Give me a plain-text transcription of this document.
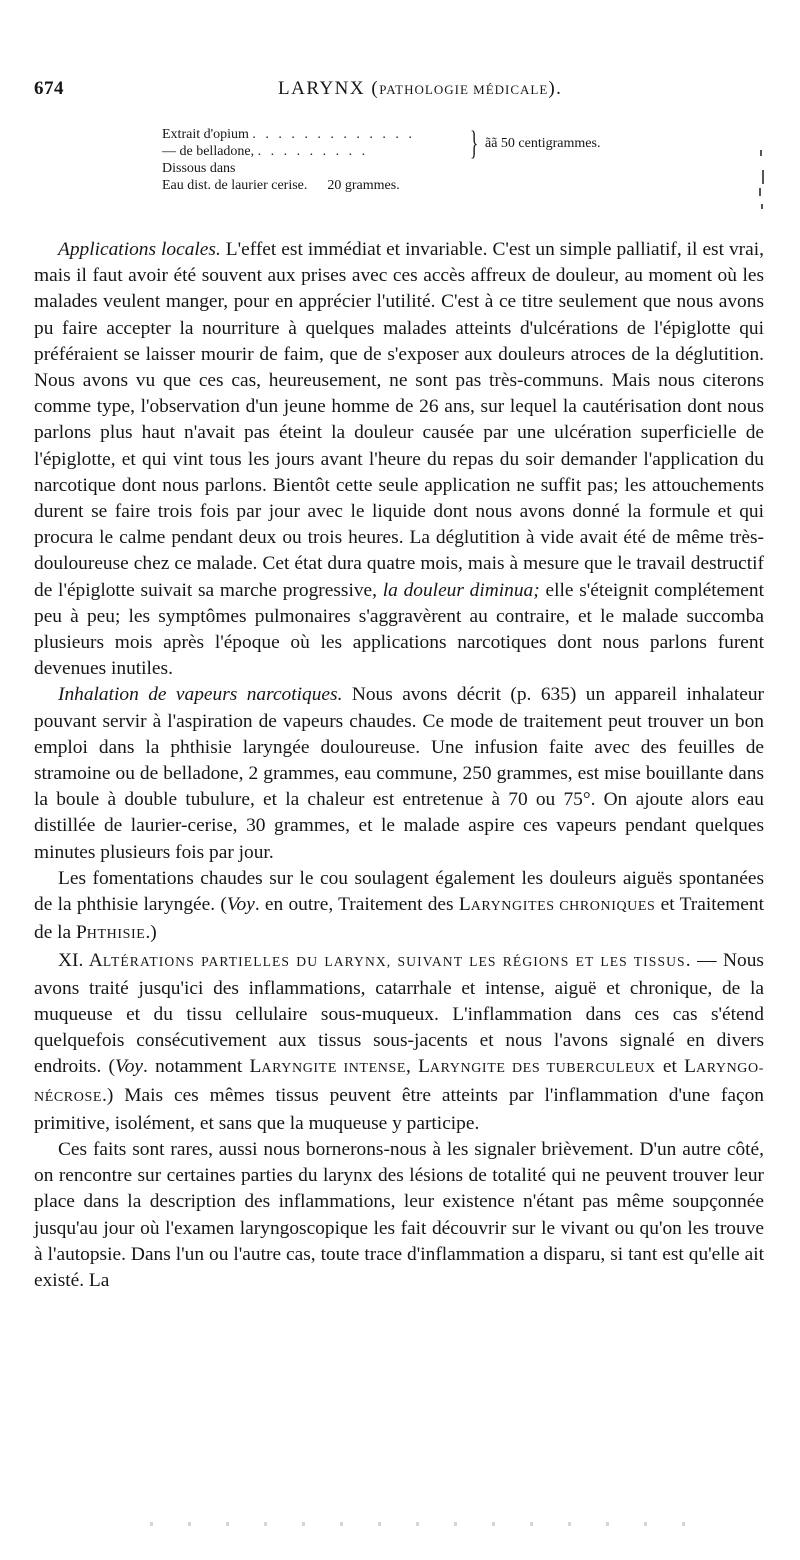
674	LARYNX (PATHOLOGIE MÉDICALE).
Extrait d'opium . . . . . . . . . . . . .
— de belladone, . . . . . . . . .	} ãã 50 centigrammes.
Dissous dans
Eau dist. de laurier cerise. 20 grammes.

Applications locales. L'effet est immédiat et invariable. C'est un simple palliatif, il est vrai, mais il faut avoir été souvent aux prises avec ces accès affreux de douleur, au moment où les malades veulent manger, pour en apprécier l'utilité. C'est à ce titre seulement que nous avons pu faire accepter la nourriture à quelques malades atteints d'ulcérations de l'épiglotte qui préféraient se laisser mourir de faim, que de s'exposer aux douleurs atroces de la déglutition. Nous avons vu que ces cas, heureusement, ne sont pas très-communs. Mais nous citerons comme type, l'observation d'un jeune homme de 26 ans, sur lequel la cautérisation dont nous parlons plus haut n'avait pas éteint la douleur causée par une ulcération superficielle de l'épiglotte, et qui vint tous les jours avant l'heure du repas du soir demander l'application du narcotique dont nous parlons. Bientôt cette seule application ne suffit pas; les attouchements durent se faire trois fois par jour avec le liquide dont nous avons donné la formule et qui procura le calme pendant deux ou trois heures. La déglutition à vide avait été de même très-douloureuse chez ce malade. Cet état dura quatre mois, mais à mesure que le travail destructif de l'épiglotte suivait sa marche progressive, la douleur diminua; elle s'éteignit complétement peu à peu; les symptômes pulmonaires s'aggravèrent au contraire, et le malade succomba plusieurs mois après l'époque où les applications narcotiques dont nous parlons furent devenues inutiles.

Inhalation de vapeurs narcotiques. Nous avons décrit (p. 635) un appareil inhalateur pouvant servir à l'aspiration de vapeurs chaudes. Ce mode de traitement peut trouver un bon emploi dans la phthisie laryngée douloureuse. Une infusion faite avec des feuilles de stramoine ou de belladone, 2 grammes, eau commune, 250 grammes, est mise bouillante dans la boule à double tubulure, et la chaleur est entretenue à 70 ou 75°. On ajoute alors eau distillée de laurier-cerise, 30 grammes, et le malade aspire ces vapeurs pendant quelques minutes plusieurs fois par jour.

Les fomentations chaudes sur le cou soulagent également les douleurs aiguës spontanées de la phthisie laryngée. (Voy. en outre, Traitement des LARYNGITES CHRONIQUES et Traitement de la PHTHISIE.)

XI. ALTÉRATIONS PARTIELLES DU LARYNX, SUIVANT LES RÉGIONS ET LES TISSUS. — Nous avons traité jusqu'ici des inflammations, catarrhale et intense, aiguë et chronique, de la muqueuse et du tissu cellulaire sous-muqueux. L'inflammation dans ces cas s'étend quelquefois consécutivement aux tissus sous-jacents et nous l'avons signalé en divers endroits. (Voy. notamment LARYNGITE INTENSE, LARYNGITE DES TUBERCULEUX et LARYNGO-NÉCROSE.) Mais ces mêmes tissus peuvent être atteints par l'inflammation d'une façon primitive, isolément, et sans que la muqueuse y participe.

Ces faits sont rares, aussi nous bornerons-nous à les signaler brièvement. D'un autre côté, on rencontre sur certaines parties du larynx des lésions de totalité qui ne peuvent trouver leur place dans la description des inflammations, leur existence n'étant pas même soupçonnée jusqu'au jour où l'examen laryngoscopique les fait découvrir sur le vivant ou qu'on les trouve à l'autopsie. Dans l'un ou l'autre cas, toute trace d'inflammation a disparu, si tant est qu'elle ait existé. La
